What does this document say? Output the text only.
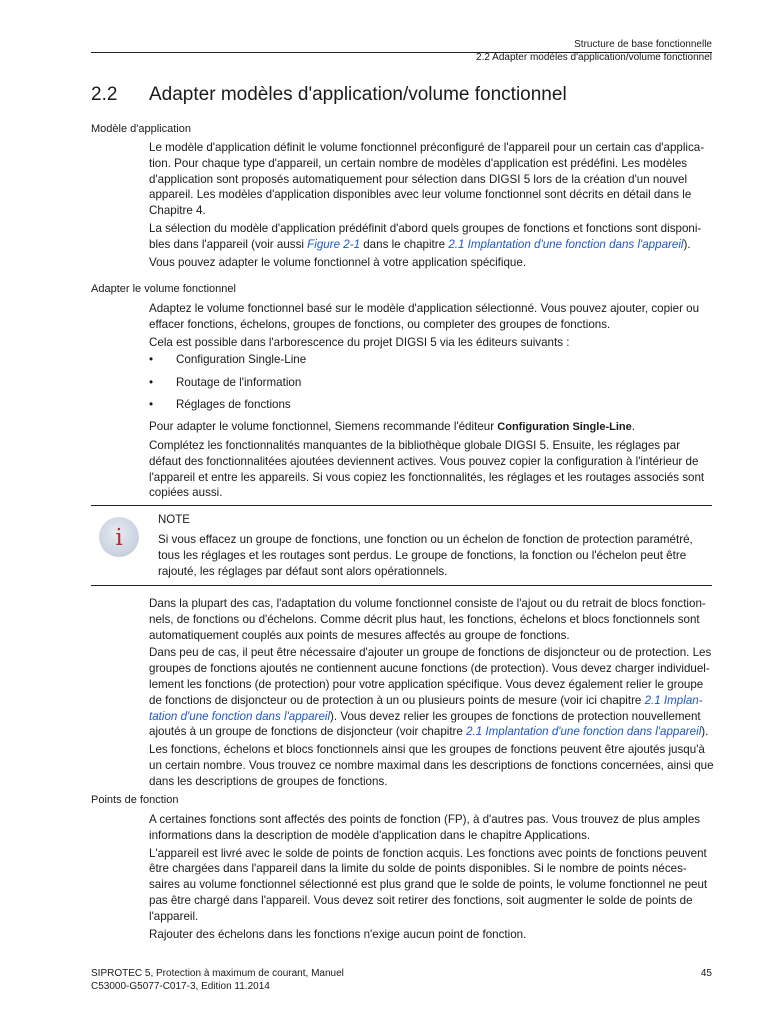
Structure de base fonctionnelle
2.2 Adapter modèles d'application/volume fonctionnel
2.2 Adapter modèles d'application/volume fonctionnel
Modèle d'application

Le modèle d'application définit le volume fonctionnel préconfiguré de l'appareil pour un certain cas d'applica-tion. Pour chaque type d'appareil, un certain nombre de modèles d'application est prédéfini. Les modèles d'application sont proposés automatiquement pour sélection dans DIGSI 5 lors de la création d'un nouvel appareil. Les modèles d'application disponibles avec leur volume fonctionnel sont décrits en détail dans le Chapitre 4.

La sélection du modèle d'application prédéfinit d'abord quels groupes de fonctions et fonctions sont disponi-bles dans l'appareil (voir aussi Figure 2-1 dans le chapitre 2.1 Implantation d'une fonction dans l'appareil).

Vous pouvez adapter le volume fonctionnel à votre application spécifique.

Adapter le volume fonctionnel

Adaptez le volume fonctionnel basé sur le modèle d'application sélectionné. Vous pouvez ajouter, copier ou effacer fonctions, échelons, groupes de fonctions, ou completer des groupes de fonctions.

Cela est possible dans l'arborescence du projet DIGSI 5 via les éditeurs suivants :

• Configuration Single-Line
• Routage de l'information
• Réglages de fonctions

Pour adapter le volume fonctionnel, Siemens recommande l'éditeur Configuration Single-Line.

Complétez les fonctionnalités manquantes de la bibliothèque globale DIGSI 5. Ensuite, les réglages par défaut des fonctionnalitées ajoutées deviennent actives. Vous pouvez copier la configuration à l'intérieur de l'appareil et entre les appareils. Si vous copiez les fonctionnalités, les réglages et les routages associés sont copiées aussi.

i
NOTE
Si vous effacez un groupe de fonctions, une fonction ou un échelon de fonction de protection paramétré, tous les réglages et les routages sont perdus. Le groupe de fonctions, la fonction ou l'échelon peut être rajouté, les réglages par défaut sont alors opérationnels.

Dans la plupart des cas, l'adaptation du volume fonctionnel consiste de l'ajout ou du retrait de blocs fonction-nels, de fonctions ou d'échelons. Comme décrit plus haut, les fonctions, échelons et blocs fonctionnels sont automatiquement couplés aux points de mesures affectés au groupe de fonctions.

Dans peu de cas, il peut être nécessaire d'ajouter un groupe de fonctions de disjoncteur ou de protection. Les groupes de fonctions ajoutés ne contiennent aucune fonctions (de protection). Vous devez charger individuel-lement les fonctions (de protection) pour votre application spécifique. Vous devez également relier le groupe de fonctions de disjoncteur ou de protection à un ou plusieurs points de mesure (voir ici chapitre 2.1 Implan-tation d'une fonction dans l'appareil). Vous devez relier les groupes de fonctions de protection nouvellement ajoutés à un groupe de fonctions de disjoncteur (voir chapitre 2.1 Implantation d'une fonction dans l'appareil).

Les fonctions, échelons et blocs fonctionnels ainsi que les groupes de fonctions peuvent être ajoutés jusqu'à un certain nombre. Vous trouvez ce nombre maximal dans les descriptions de fonctions concernées, ainsi que dans les descriptions de groupes de fonctions.

Points de fonction

A certaines fonctions sont affectés des points de fonction (FP), à d'autres pas. Vous trouvez de plus amples informations dans la description de modèle d'application dans le chapitre Applications.

L'appareil est livré avec le solde de points de fonction acquis. Les fonctions avec points de fonctions peuvent être chargées dans l'appareil dans la limite du solde de points disponibles. Si le nombre de points néces-saires au volume fonctionnel sélectionné est plus grand que le solde de points, le volume fonctionnel ne peut pas être chargé dans l'appareil. Vous devez soit retirer des fonctions, soit augmenter le solde de points de l'appareil.

Rajouter des échelons dans les fonctions n'exige aucun point de fonction.

SIPROTEC 5, Protection à maximum de courant, Manuel
C53000-G5077-C017-3, Edition 11.2014
45
